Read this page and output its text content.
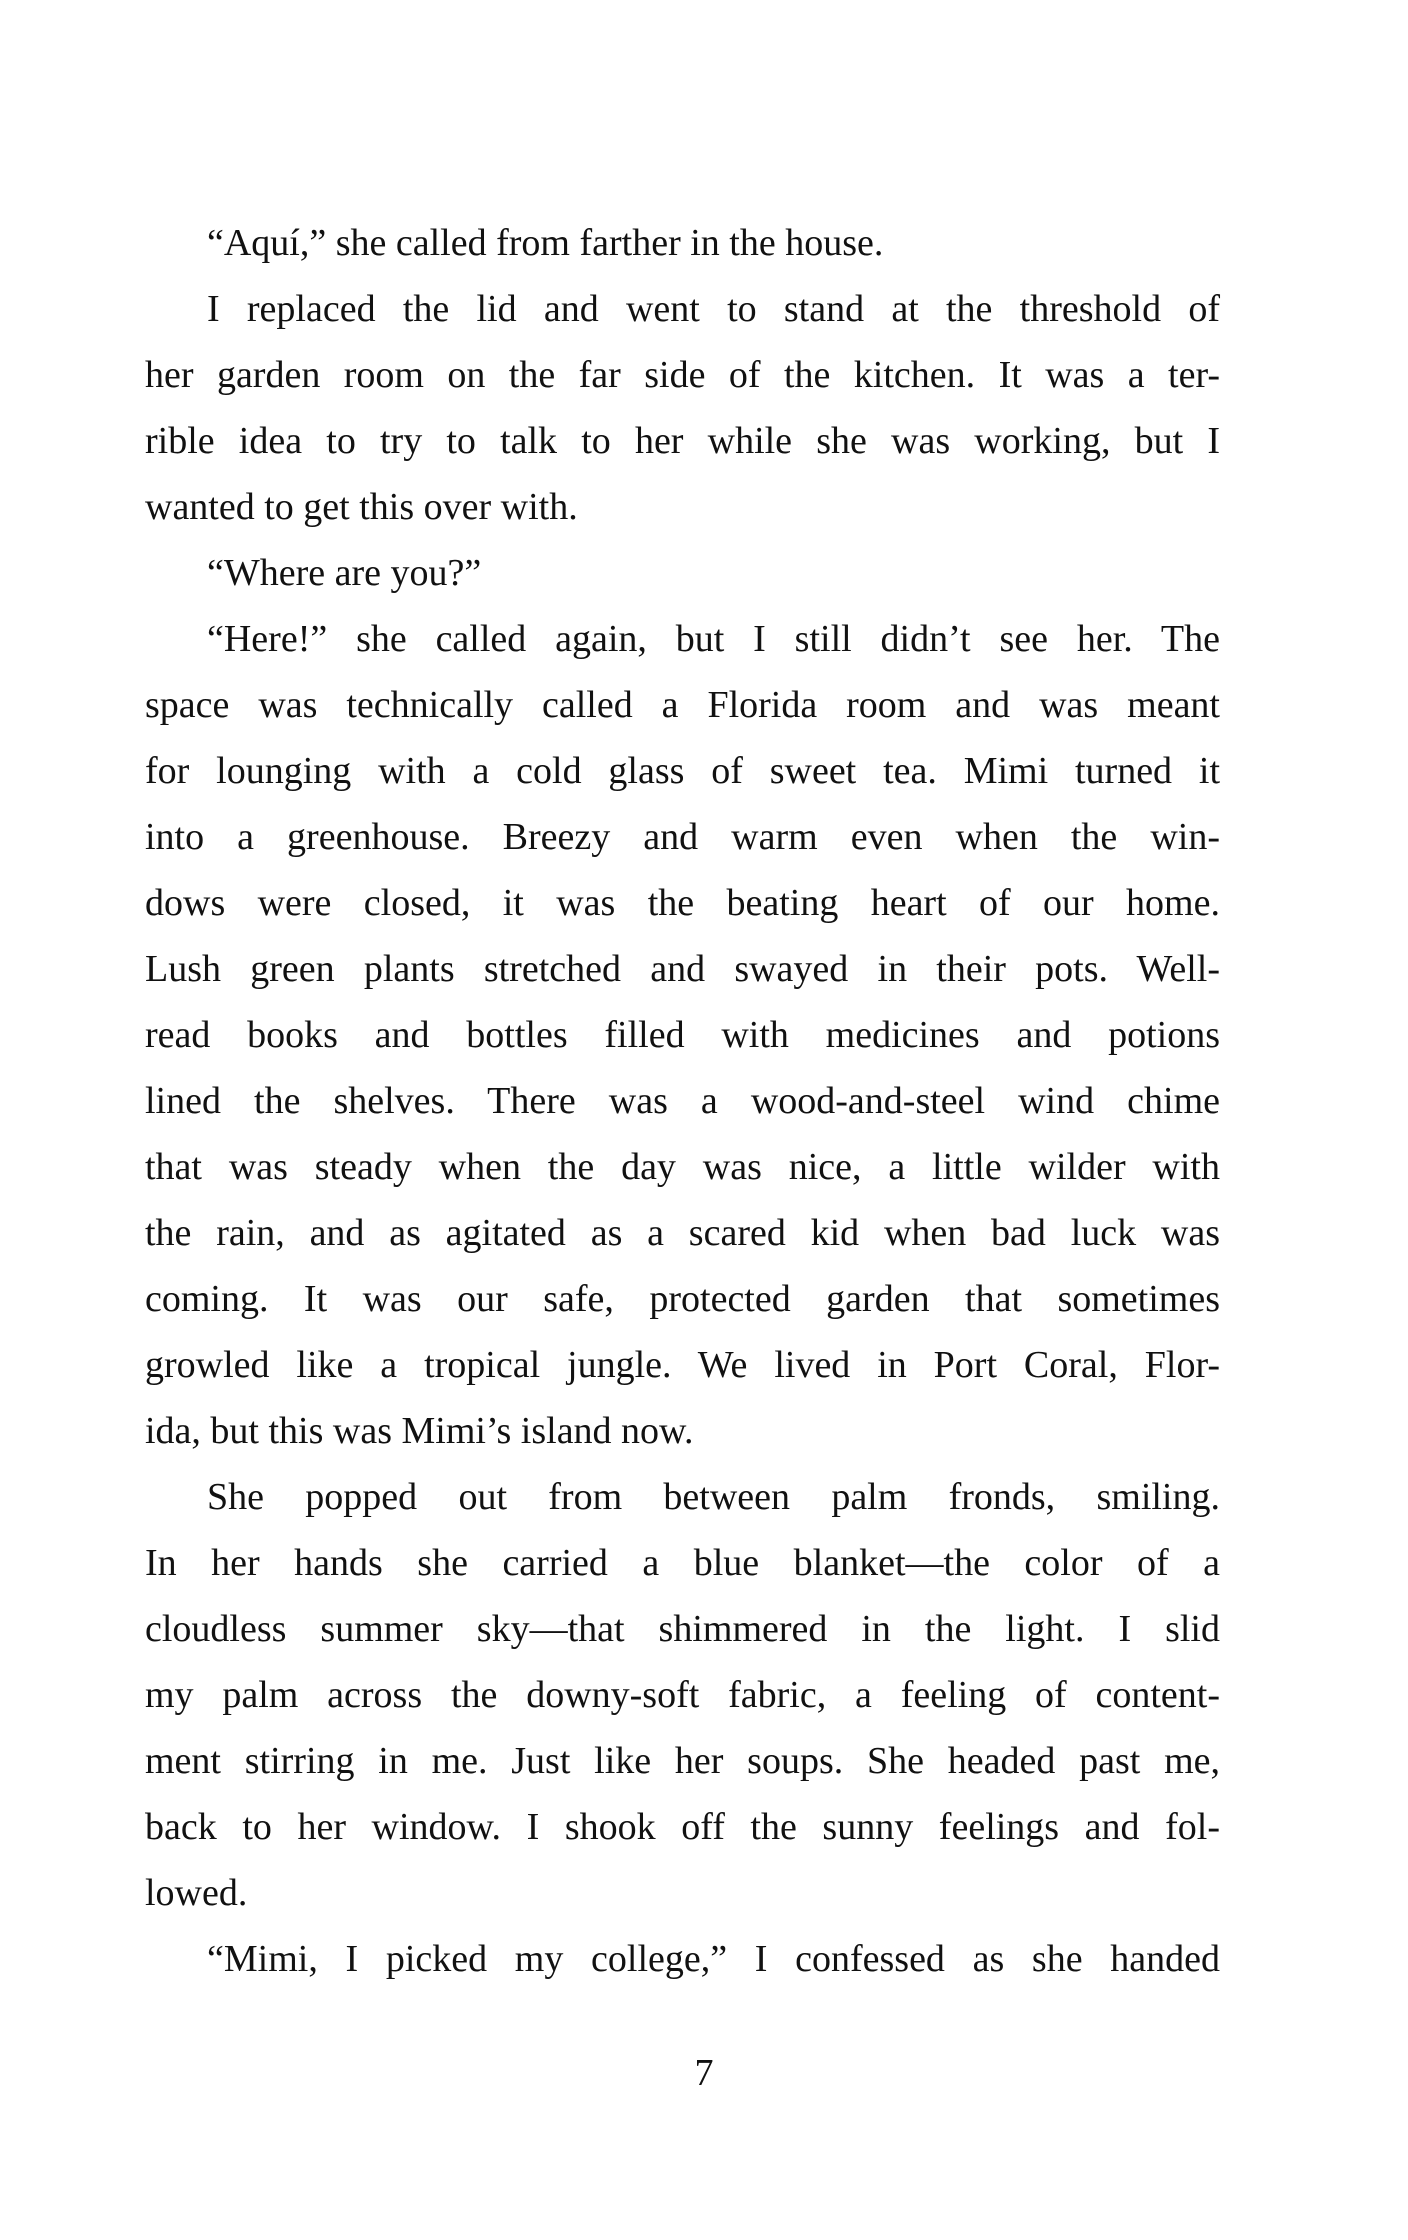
“Aquí,” she called from farther in the house.
I replaced the lid and went to stand at the threshold of
her garden room on the far side of the kitchen. It was a ter-
rible idea to try to talk to her while she was working, but I
wanted to get this over with.
“Where are you?”
“Here!” she called again, but I still didn’t see her. The
space was technically called a Florida room and was meant
for lounging with a cold glass of sweet tea. Mimi turned it
into a greenhouse. Breezy and warm even when the win-
dows were closed, it was the beating heart of our home.
Lush green plants stretched and swayed in their pots. Well-
read books and bottles filled with medicines and potions
lined the shelves. There was a wood-and-steel wind chime
that was steady when the day was nice, a little wilder with
the rain, and as agitated as a scared kid when bad luck was
coming. It was our safe, protected garden that sometimes
growled like a tropical jungle. We lived in Port Coral, Flor-
ida, but this was Mimi’s island now.
She popped out from between palm fronds, smiling.
In her hands she carried a blue blanket—the color of a
cloudless summer sky—that shimmered in the light. I slid
my palm across the downy-soft fabric, a feeling of content-
ment stirring in me. Just like her soups. She headed past me,
back to her window. I shook off the sunny feelings and fol-
lowed.
“Mimi, I picked my college,” I confessed as she handed
7
